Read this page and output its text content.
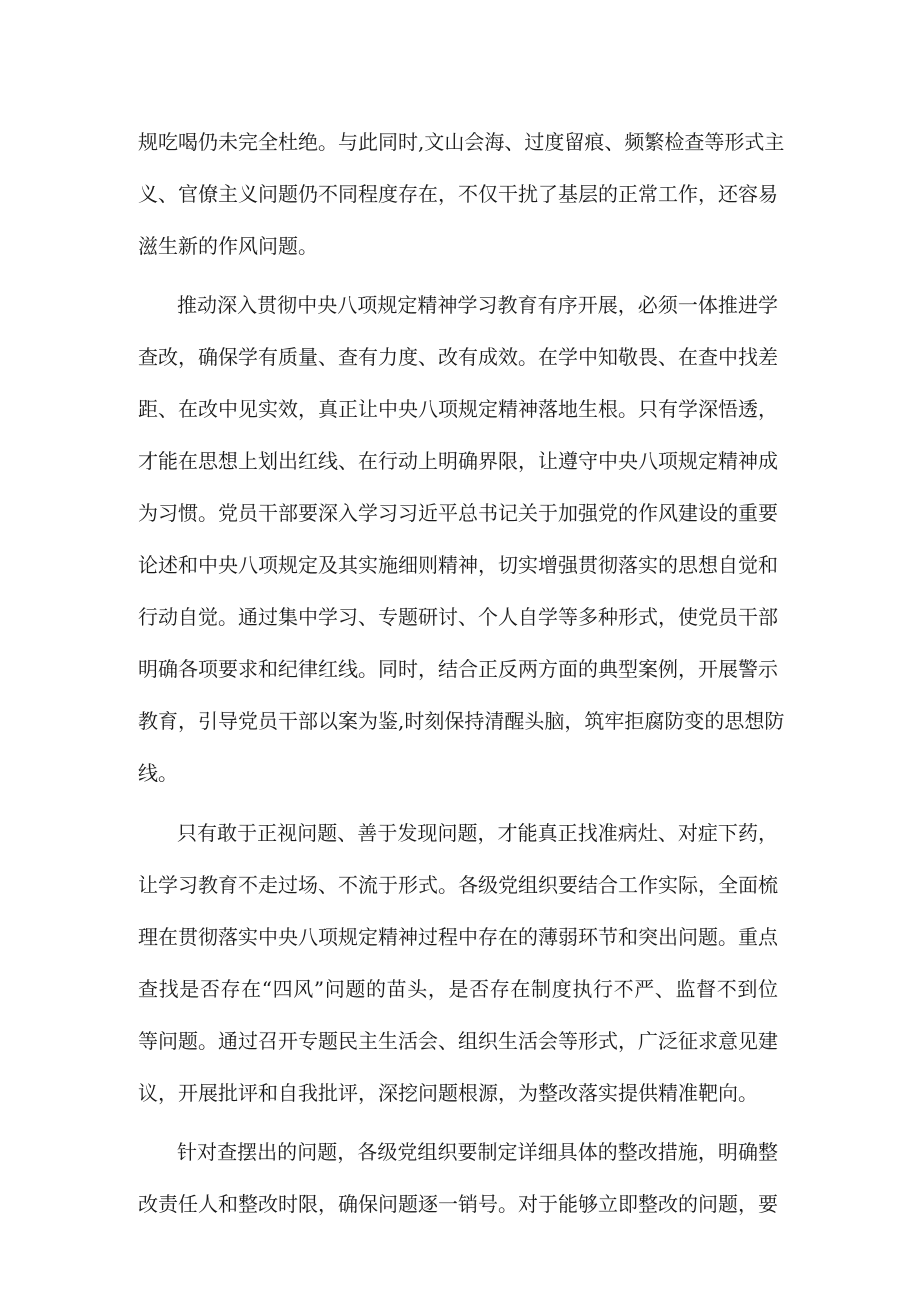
规吃喝仍未完全杜绝。与此同时,文山会海、过度留痕、频繁检查等形式主
义、官僚主义问题仍不同程度存在，不仅干扰了基层的正常工作，还容易
滋生新的作风问题。
推动深入贯彻中央八项规定精神学习教育有序开展，必须一体推进学
查改，确保学有质量、查有力度、改有成效。在学中知敬畏、在查中找差
距、在改中见实效，真正让中央八项规定精神落地生根。只有学深悟透，
才能在思想上划出红线、在行动上明确界限，让遵守中央八项规定精神成
为习惯。党员干部要深入学习习近平总书记关于加强党的作风建设的重要
论述和中央八项规定及其实施细则精神，切实增强贯彻落实的思想自觉和
行动自觉。通过集中学习、专题研讨、个人自学等多种形式，使党员干部
明确各项要求和纪律红线。同时，结合正反两方面的典型案例，开展警示
教育，引导党员干部以案为鉴,时刻保持清醒头脑，筑牢拒腐防变的思想防
线。
只有敢于正视问题、善于发现问题，才能真正找准病灶、对症下药，
让学习教育不走过场、不流于形式。各级党组织要结合工作实际，全面梳
理在贯彻落实中央八项规定精神过程中存在的薄弱环节和突出问题。重点
查找是否存在“四风”问题的苗头，是否存在制度执行不严、监督不到位
等问题。通过召开专题民主生活会、组织生活会等形式，广泛征求意见建
议，开展批评和自我批评，深挖问题根源，为整改落实提供精准靶向。
针对查摆出的问题，各级党组织要制定详细具体的整改措施，明确整
改责任人和整改时限，确保问题逐一销号。对于能够立即整改的问题，要
